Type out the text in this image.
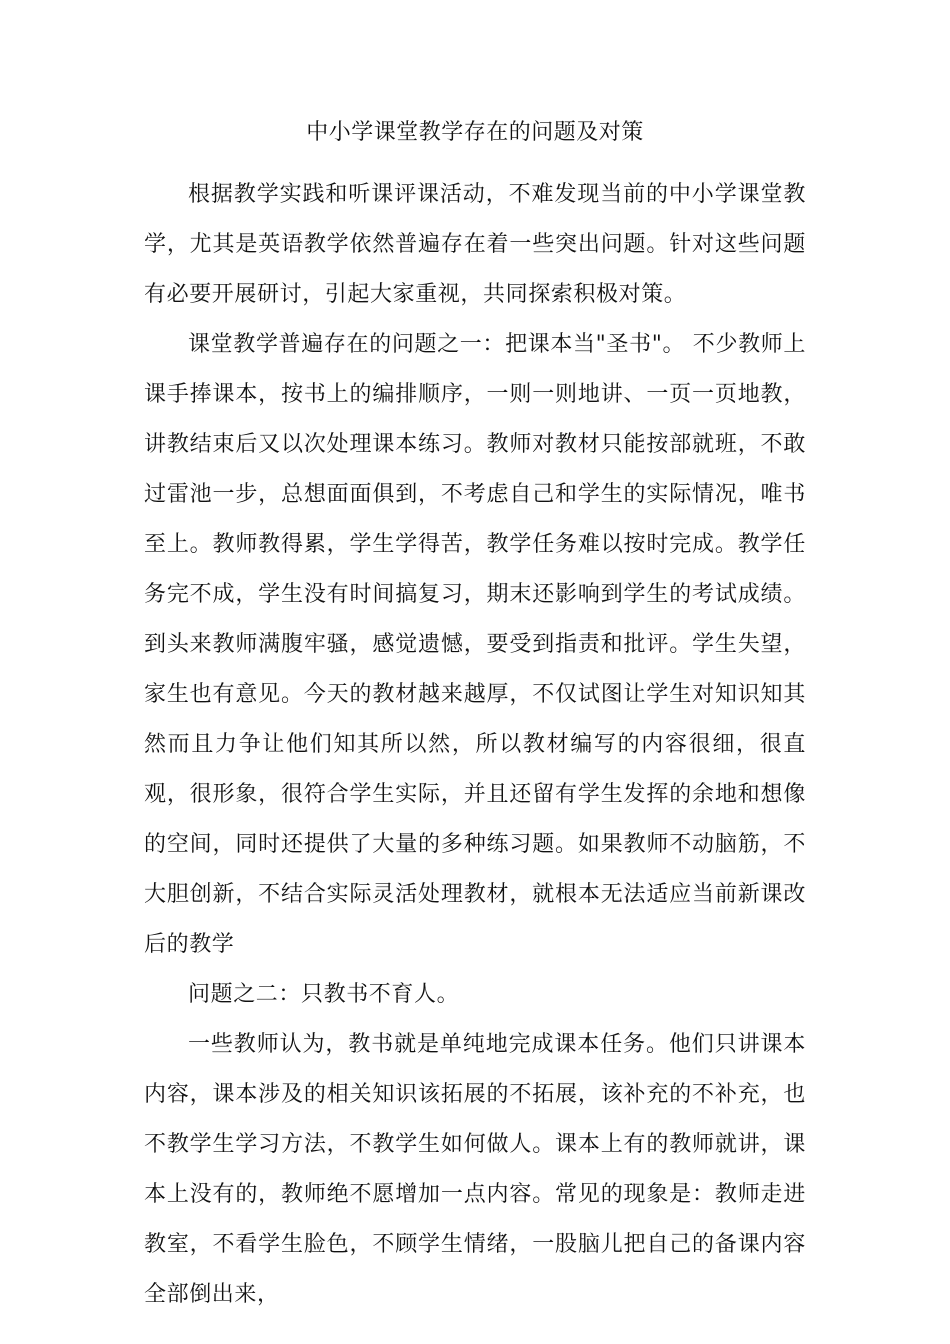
中小学课堂教学存在的问题及对策

根据教学实践和听课评课活动，不难发现当前的中小学课堂教学，尤其是英语教学依然普遍存在着一些突出问题。针对这些问题有必要开展研讨，引起大家重视，共同探索积极对策。

课堂教学普遍存在的问题之一：把课本当"圣书"。 不少教师上课手捧课本，按书上的编排顺序，一则一则地讲、一页一页地教，讲教结束后又以次处理课本练习。教师对教材只能按部就班，不敢过雷池一步，总想面面俱到，不考虑自己和学生的实际情况，唯书至上。教师教得累，学生学得苦，教学任务难以按时完成。教学任务完不成，学生没有时间搞复习，期末还影响到学生的考试成绩。到头来教师满腹牢骚，感觉遗憾，要受到指责和批评。学生失望，家生也有意见。今天的教材越来越厚，不仅试图让学生对知识知其然而且力争让他们知其所以然，所以教材编写的内容很细，很直观，很形象，很符合学生实际，并且还留有学生发挥的余地和想像的空间，同时还提供了大量的多种练习题。如果教师不动脑筋，不大胆创新，不结合实际灵活处理教材，就根本无法适应当前新课改后的教学

问题之二：只教书不育人。

一些教师认为，教书就是单纯地完成课本任务。他们只讲课本内容，课本涉及的相关知识该拓展的不拓展，该补充的不补充，也不教学生学习方法，不教学生如何做人。课本上有的教师就讲，课本上没有的，教师绝不愿增加一点内容。常见的现象是：教师走进教室，不看学生脸色，不顾学生情绪，一股脑儿把自己的备课内容全部倒出来，
